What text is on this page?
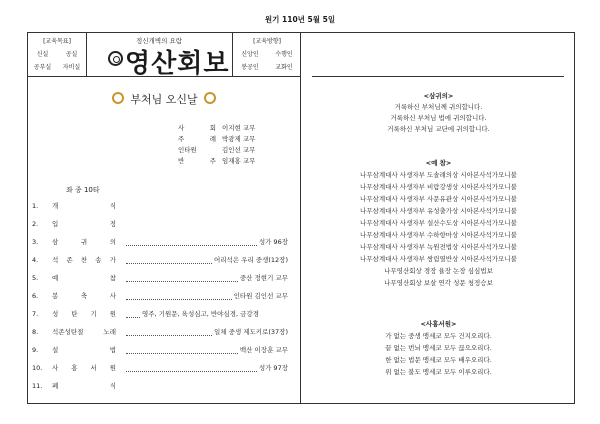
원기 110년 5월 5일
[교육목표]
신실	공실
공부실 자비실
정신개벽의 요람
영산회보
[교육방향]
신앙인	수행인
봉공인	교화인
부처님 오신날
사 회 이지현 교무
주 례 박광제 교무
인타원	김인선 교무
반 주 임재홍 교무
좌 종 10타
1.	개 식
2.	입 정
3.	삼 귀 의	성가 96장
4.	석 존 찬 송 가	어리석은 우리 중생(12장)
5.	예 참	중산 정현기 교무
6.	봉 축 사	인타원 김인선 교무
7.	성 탄 기 원	영주, 기원문, 육성심고, 반야심경, 금강경
8.	석존성탄절 노래	일체 중생 제도키로(37장)
9.	설 법	백산 이장훈 교무
10.	사 홍 서 원	성가 97장
11.	폐 식
<삼귀의>
거룩하신 부처님께 귀의합니다.
거룩하신 부처님 법에 귀의합니다.
거룩하신 부처님 교단에 귀의합니다.
<예 참>
나무삼계대사 사생자부 도솔래의상 시아본사석가모니불
나무삼계대사 사생자부 비람강생상 시아본사석가모니불
나무삼계대사 사생자부 사문유관상 시아본사석가모니불
나무삼계대사 사생자부 유성출가상 시아본사석가모니불
나무삼계대사 사생자부 설산수도상 시아본사석가모니불
나무삼계대사 사생자부 수하항마상 시아본사석가모니불
나무삼계대사 사생자부 녹원전법상 시아본사석가모니불
나무삼계대사 사생자부 쌍림열반상 시아본사석가모니불
나무영산회상 경장 율장 논장 심심법보
나무영산회상 보살 연각 성문 청정승보
<사홍서원>
가 없는 중생 맹세코 모두 건지오리다.
끝 없는 번뇌 맹세코 모두 끊으오리다.
한 없는 법문 맹세코 모두 배우오리다.
위 없는 불도 맹세코 모두 이루오리다.
